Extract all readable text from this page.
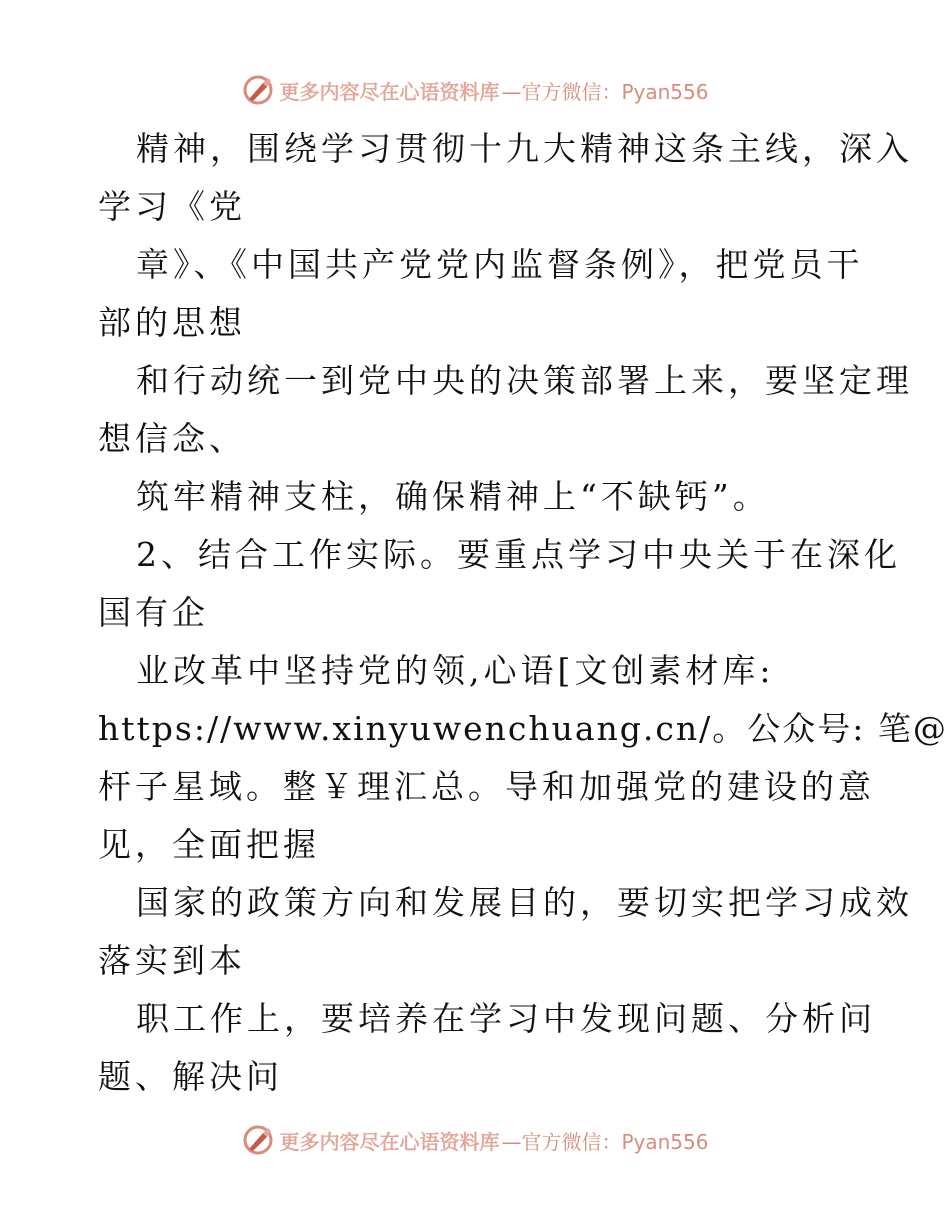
更多内容尽在心语资料库 —官方微信：Pyan556
精神，围绕学习贯彻十九大精神这条主线，深入
学习《党
章》、《中国共产党党内监督条例》，把党员干
部的思想
和行动统一到党中央的决策部署上来，要坚定理
想信念、
筑牢精神支柱，确保精神上“不缺钙”。
2、结合工作实际。要重点学习中央关于在深化
国有企
业改革中坚持党的领,心语[文创素材库:
https://www.xinyuwenchuang.cn/。公众号: 笔@
杆子星域。整￥理汇总。导和加强党的建设的意
见，全面把握
国家的政策方向和发展目的，要切实把学习成效
落实到本
职工作上，要培养在学习中发现问题、分析问
题、解决问
更多内容尽在心语资料库 —官方微信：Pyan556
